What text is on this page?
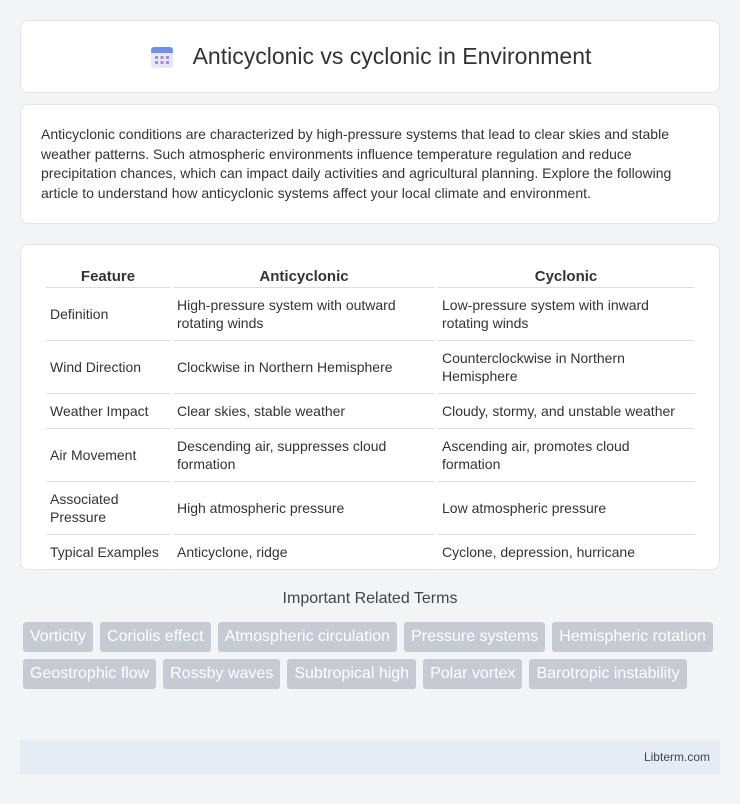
Anticyclonic vs cyclonic in Environment

Anticyclonic conditions are characterized by high-pressure systems that lead to clear skies and stable weather patterns. Such atmospheric environments influence temperature regulation and reduce precipitation chances, which can impact daily activities and agricultural planning. Explore the following article to understand how anticyclonic systems affect your local climate and environment.

Feature	Anticyclonic	Cyclonic
Definition	High-pressure system with outward rotating winds	Low-pressure system with inward rotating winds
Wind Direction	Clockwise in Northern Hemisphere	Counterclockwise in Northern Hemisphere
Weather Impact	Clear skies, stable weather	Cloudy, stormy, and unstable weather
Air Movement	Descending air, suppresses cloud formation	Ascending air, promotes cloud formation
Associated Pressure	High atmospheric pressure	Low atmospheric pressure
Typical Examples	Anticyclone, ridge	Cyclone, depression, hurricane
Important Related Terms
Vorticity	Coriolis effect	Atmospheric circulation	Pressure systems	Hemispheric rotation
Geostrophic flow	Rossby waves	Subtropical high	Polar vortex	Barotropic instability
Libterm.com
